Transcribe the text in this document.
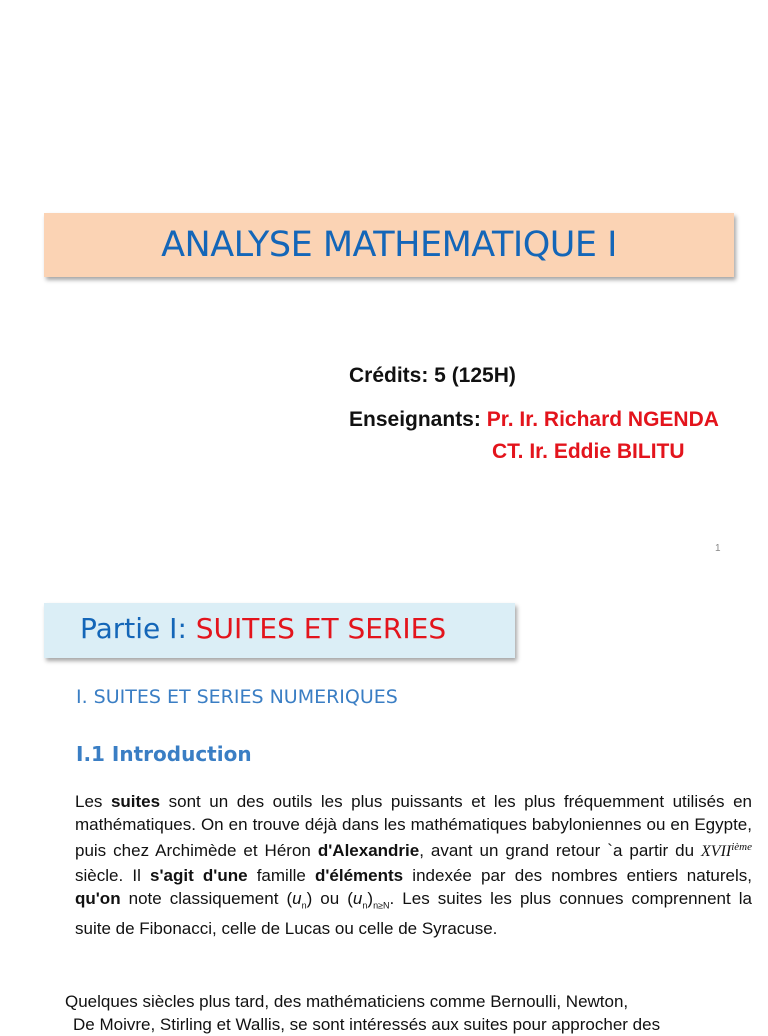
ANALYSE MATHEMATIQUE I
Crédits: 5 (125H)
Enseignants: Pr. Ir. Richard NGENDA
CT. Ir. Eddie BILITU
1
Partie I: SUITES ET SERIES
I. SUITES ET SERIES NUMERIQUES
I.1 Introduction
Les suites sont un des outils les plus puissants et les plus fréquemment utilisés en mathématiques. On en trouve déjà dans les mathématiques babyloniennes ou en Egypte, puis chez Archimède et Héron d'Alexandrie, avant un grand retour `a partir du XVIIième siècle. Il s'agit d'une famille d'éléments indexée par des nombres entiers naturels, qu'on note classiquement $(u_n)$ ou $(u_n)_{n\ge N}$. Les suites les plus connues comprennent la suite de Fibonacci, celle de Lucas ou celle de Syracuse.
Quelques siècles plus tard, des mathématiciens comme Bernoulli, Newton,
De Moivre, Stirling et Wallis, se sont intéressés aux suites pour approcher des
